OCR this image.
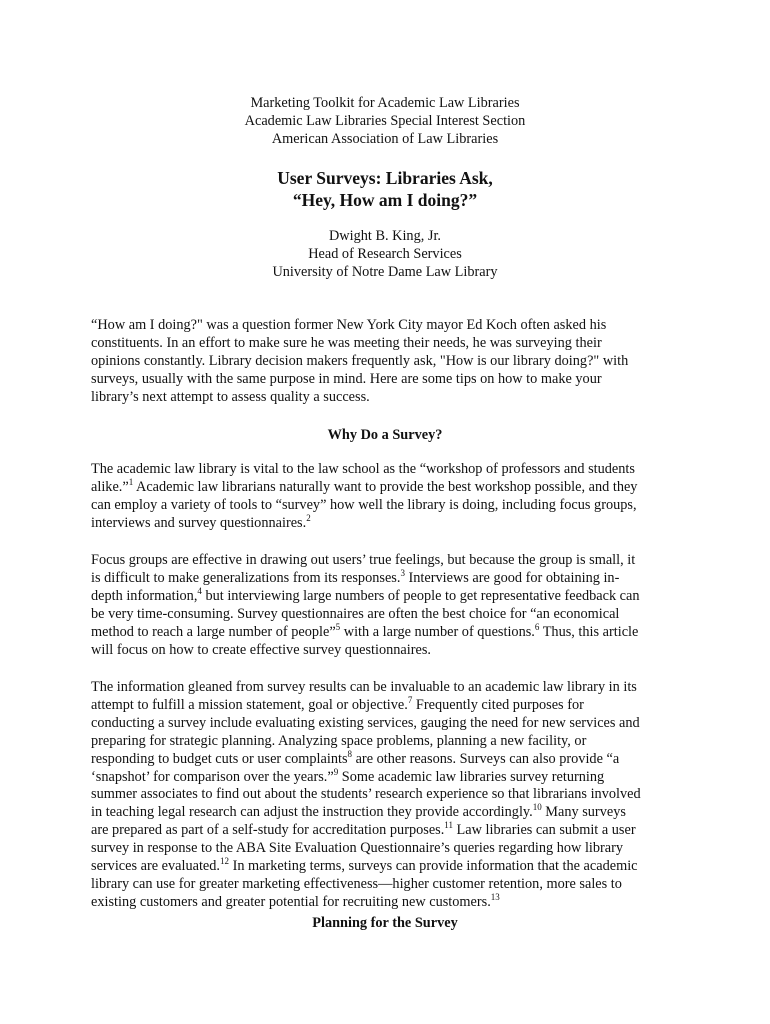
Marketing Toolkit for Academic Law Libraries
Academic Law Libraries Special Interest Section
American Association of Law Libraries
User Surveys: Libraries Ask,
“Hey, How am I doing?”
Dwight B. King, Jr.
Head of Research Services
University of Notre Dame Law Library
“How am I doing?" was a question former New York City mayor Ed Koch often asked his
constituents. In an effort to make sure he was meeting their needs, he was surveying their
opinions constantly. Library decision makers frequently ask, "How is our library doing?" with
surveys, usually with the same purpose in mind. Here are some tips on how to make your
library’s next attempt to assess quality a success.
Why Do a Survey?
The academic law library is vital to the law school as the “workshop of professors and students
alike.”$^1$ Academic law librarians naturally want to provide the best workshop possible, and they
can employ a variety of tools to “survey” how well the library is doing, including focus groups,
interviews and survey questionnaires.$^2$
Focus groups are effective in drawing out users’ true feelings, but because the group is small, it
is difficult to make generalizations from its responses.$^3$ Interviews are good for obtaining in-
depth information,$^4$ but interviewing large numbers of people to get representative feedback can
be very time-consuming. Survey questionnaires are often the best choice for “an economical
method to reach a large number of people”$^5$ with a large number of questions.$^6$ Thus, this article
will focus on how to create effective survey questionnaires.
The information gleaned from survey results can be invaluable to an academic law library in its
attempt to fulfill a mission statement, goal or objective.$^7$ Frequently cited purposes for
conducting a survey include evaluating existing services, gauging the need for new services and
preparing for strategic planning. Analyzing space problems, planning a new facility, or
responding to budget cuts or user complaints$^8$ are other reasons. Surveys can also provide “a
‘snapshot’ for comparison over the years.”$^9$ Some academic law libraries survey returning
summer associates to find out about the students’ research experience so that librarians involved
in teaching legal research can adjust the instruction they provide accordingly.$^{10}$ Many surveys
are prepared as part of a self-study for accreditation purposes.$^{11}$ Law libraries can submit a user
survey in response to the ABA Site Evaluation Questionnaire’s queries regarding how library
services are evaluated.$^{12}$ In marketing terms, surveys can provide information that the academic
library can use for greater marketing effectiveness—higher customer retention, more sales to
existing customers and greater potential for recruiting new customers.$^{13}$
Planning for the Survey
